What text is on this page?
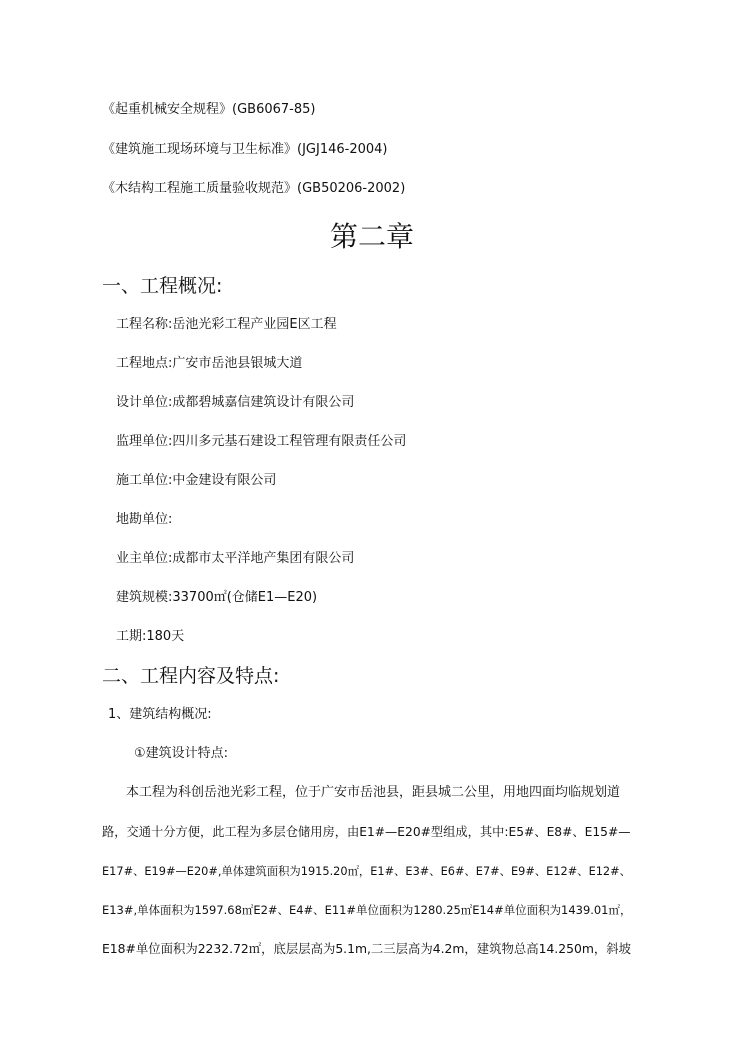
《起重机械安全规程》(GB6067-85)
《建筑施工现场环境与卫生标准》(JGJ146-2004)
《木结构工程施工质量验收规范》(GB50206-2002)
第二章
一、工程概况:
工程名称:岳池光彩工程产业园E区工程
工程地点:广安市岳池县银城大道
设计单位:成都碧城嘉信建筑设计有限公司
监理单位:四川多元基石建设工程管理有限责任公司
施工单位:中金建设有限公司
地勘单位:
业主单位:成都市太平洋地产集团有限公司
建筑规模:33700㎡(仓储E1—E20)
工期:180天
二、工程内容及特点:
1、建筑结构概况:
①建筑设计特点:
本工程为科创岳池光彩工程，位于广安市岳池县，距县城二公里，用地四面均临规划道
路，交通十分方便，此工程为多层仓储用房，由E1#—E20#型组成，其中:E5#、E8#、E15#—
E17#、E19#—E20#,单体建筑面积为1915.20㎡，E1#、E3#、E6#、E7#、E9#、E12#、E12#、
E13#,单体面积为1597.68㎡E2#、E4#、E11#单位面积为1280.25㎡E14#单位面积为1439.01㎡，
E18#单位面积为2232.72㎡，底层层高为5.1m,二三层高为4.2m，建筑物总高14.250m，斜坡
